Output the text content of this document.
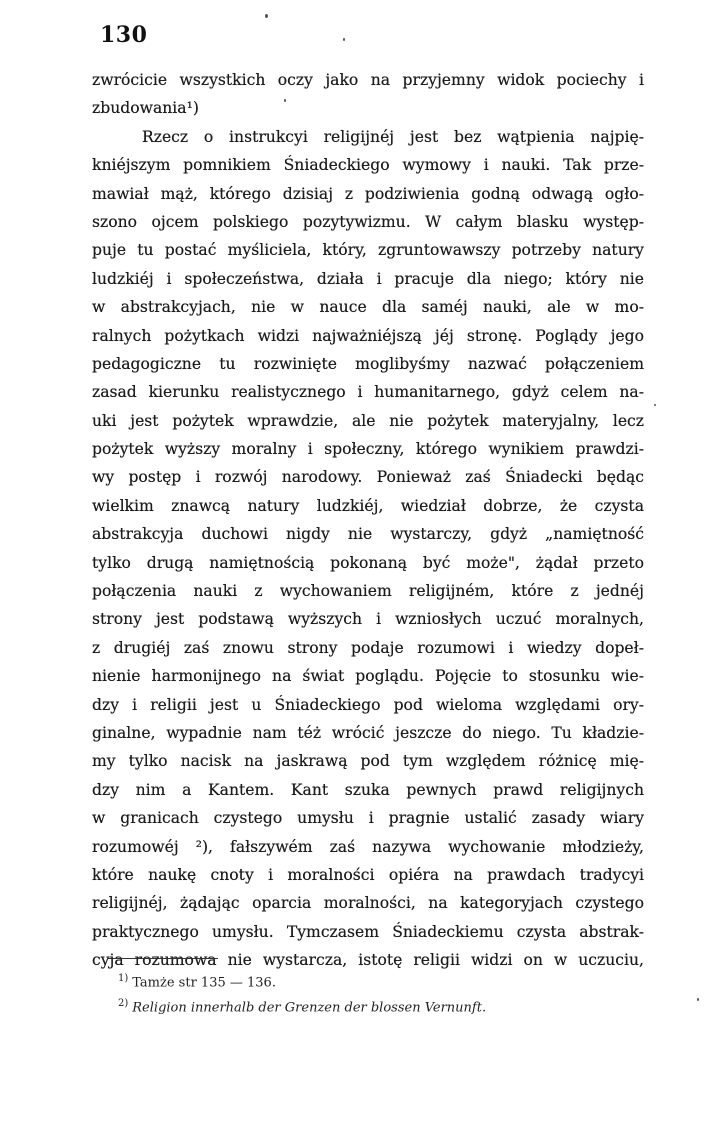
130
zwrócicie wszystkich oczy jako na przyjemny widok pociechy i
zbudowania¹)
Rzecz o instrukcyi religijnéj jest bez wątpienia najpię-
kniéjszym pomnikiem Śniadeckiego wymowy i nauki. Tak prze-
mawiał mąż, którego dzisiaj z podziwienia godną odwagą ogło-
szono ojcem polskiego pozytywizmu. W całym blasku występ-
puje tu postać myśliciela, który, zgruntowawszy potrzeby natury
ludzkiéj i społeczeństwa, działa i pracuje dla niego; który nie
w abstrakcyjach, nie w nauce dla saméj nauki, ale w mo-
ralnych pożytkach widzi najważniéjszą jéj stronę. Poglądy jego
pedagogiczne tu rozwinięte moglibyśmy nazwać połączeniem
zasad kierunku realistycznego i humanitarnego, gdyż celem na-
uki jest pożytek wprawdzie, ale nie pożytek materyjalny, lecz
pożytek wyższy moralny i społeczny, którego wynikiem prawdzi-
wy postęp i rozwój narodowy. Ponieważ zaś Śniadecki będąc
wielkim znawcą natury ludzkiéj, wiedział dobrze, że czysta
abstrakcyja duchowi nigdy nie wystarczy, gdyż „namiętność
tylko drugą namiętnością pokonaną być może", żądał przeto
połączenia nauki z wychowaniem religijném, które z jednéj
strony jest podstawą wyższych i wzniosłych uczuć moralnych,
z drugiéj zaś znowu strony podaje rozumowi i wiedzy dopeł-
nienie harmonijnego na świat poglądu. Pojęcie to stosunku wie-
dzy i religii jest u Śniadeckiego pod wieloma względami ory-
ginalne, wypadnie nam téż wrócić jeszcze do niego. Tu kładzie-
my tylko nacisk na jaskrawą pod tym względem różnicę mię-
dzy nim a Kantem. Kant szuka pewnych prawd religijnych
w granicach czystego umysłu i pragnie ustalić zasady wiary
rozumowéj ²), fałszywém zaś nazywa wychowanie młodzieży,
które naukę cnoty i moralności opiéra na prawdach tradycyi
religijnéj, żądając oparcia moralności, na kategoryjach czystego
praktycznego umysłu. Tymczasem Śniadeckiemu czysta abstrak-
cyja rozumowa nie wystarcza, istotę religii widzi on w uczuciu,
$^{1)}$ Tamże str 135 — 136.
$^{2)}$ Religion innerhalb der Grenzen der blossen Vernunft.
